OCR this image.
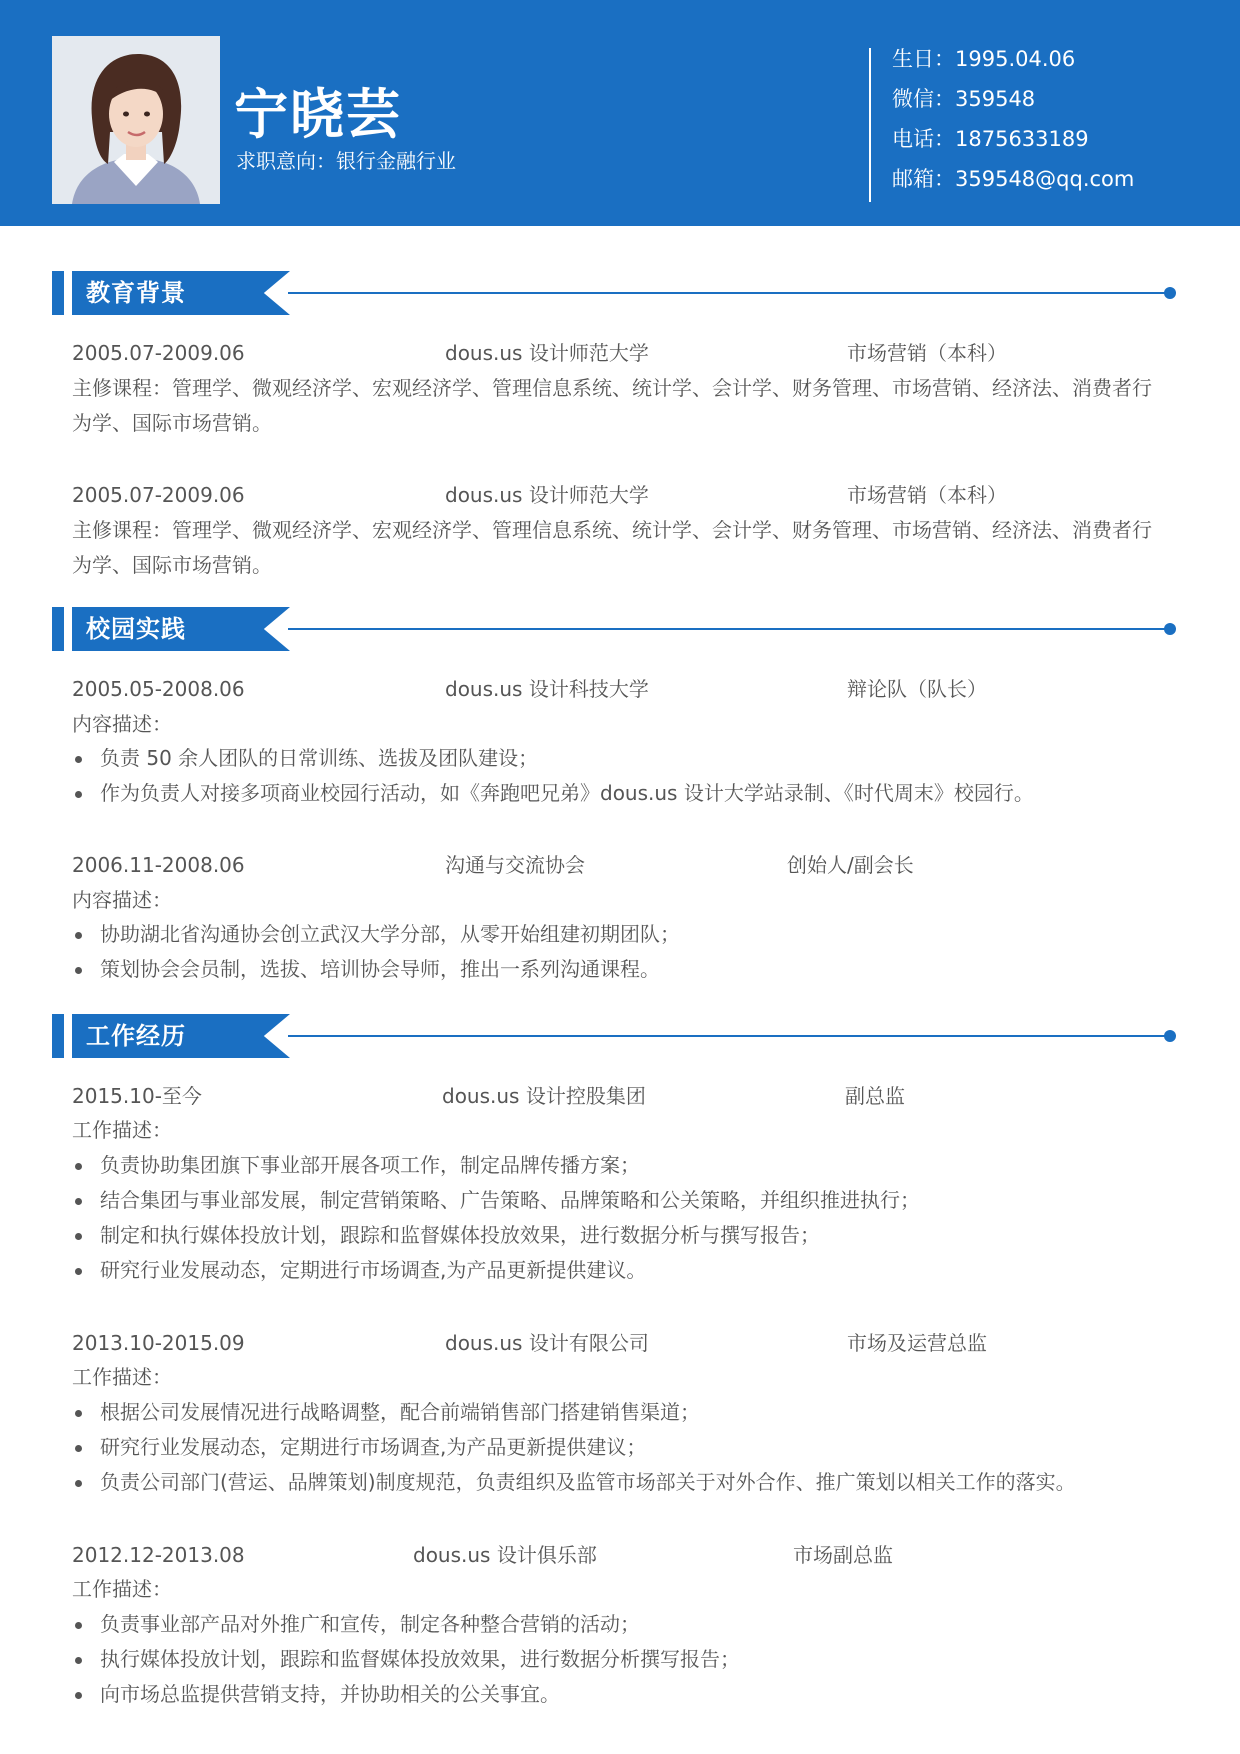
宁晓芸
求职意向：银行金融行业
生日：1995.04.06
微信：359548
电话：1875633189
邮箱：359548@qq.com
教育背景
2005.07-2009.06	dous.us 设计师范大学	市场营销（本科）

主修课程：管理学、微观经济学、宏观经济学、管理信息系统、统计学、会计学、财务管理、市场营销、经济法、消费者行为学、国际市场营销。

2005.07-2009.06	dous.us 设计师范大学	市场营销（本科）

主修课程：管理学、微观经济学、宏观经济学、管理信息系统、统计学、会计学、财务管理、市场营销、经济法、消费者行为学、国际市场营销。

校园实践
2005.05-2008.06	dous.us 设计科技大学	辩论队（队长）
内容描述：
负责 50 余人团队的日常训练、选拔及团队建设；
作为负责人对接多项商业校园行活动，如《奔跑吧兄弟》dous.us 设计大学站录制、《时代周末》校园行。
2006.11-2008.06	沟通与交流协会	创始人/副会长
内容描述：
协助湖北省沟通协会创立武汉大学分部，从零开始组建初期团队；
策划协会会员制，选拔、培训协会导师，推出一系列沟通课程。
工作经历
2015.10-至今	dous.us 设计控股集团	副总监
工作描述：
负责协助集团旗下事业部开展各项工作，制定品牌传播方案；
结合集团与事业部发展，制定营销策略、广告策略、品牌策略和公关策略，并组织推进执行；
制定和执行媒体投放计划，跟踪和监督媒体投放效果，进行数据分析与撰写报告；
研究行业发展动态，定期进行市场调查,为产品更新提供建议。
2013.10-2015.09	dous.us 设计有限公司	市场及运营总监
工作描述：
根据公司发展情况进行战略调整，配合前端销售部门搭建销售渠道；
研究行业发展动态，定期进行市场调查,为产品更新提供建议；
负责公司部门(营运、品牌策划)制度规范，负责组织及监管市场部关于对外合作、推广策划以相关工作的落实。
2012.12-2013.08	dous.us 设计俱乐部	市场副总监
工作描述：
负责事业部产品对外推广和宣传，制定各种整合营销的活动；
执行媒体投放计划，跟踪和监督媒体投放效果，进行数据分析撰写报告；
向市场总监提供营销支持，并协助相关的公关事宜。
